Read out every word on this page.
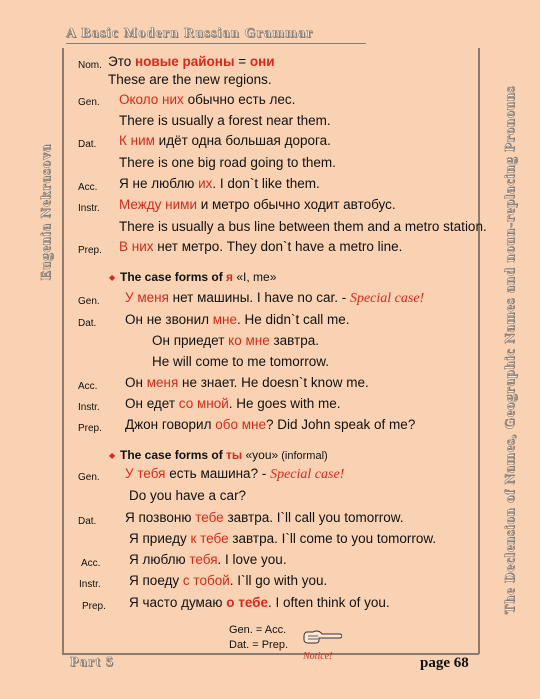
A Basic Modern Russian Grammar
Eugenia Nekrasova	The Declension of Names, Geographic Names and noun-replacing Pronouns
Part 5	page 68
Nom. Это новые районы = они
These are the new regions.
Gen. Около них обычно есть лес.
There is usually a forest near them.
Dat. К ним идёт одна большая дорога.
There is one big road going to them.
Acc. Я не люблю их. I don`t like them.
Instr. Между ними и метро обычно ходит автобус.
There is usually a bus line between them and a metro station.
Prep. В них нет метро. They don`t have a metro line.
◆ The case forms of я «I, me»
Gen. У меня нет машины. I have no car. - Special case!
Dat. Он не звонил мне. He didn`t call me.
Он приедет ко мне завтра.
He will come to me tomorrow.
Acc. Он меня не знает. He doesn`t know me.
Instr. Он едет со мной. He goes with me.
Prep. Джон говорил обо мне? Did John speak of me?
◆ The case forms of ты «you» (informal)
Gen. У тебя есть машина? - Special case!
Do you have a car?
Dat. Я позвоню тебе завтра. I`ll call you tomorrow.
Я приеду к тебе завтра. I`ll come to you tomorrow.
Acc. Я люблю тебя. I love you.
Instr. Я поеду с тобой. I`ll go with you.
Prep. Я часто думаю о тебе. I often think of you.
Gen. = Acc.
Dat. = Prep.
Notice!
